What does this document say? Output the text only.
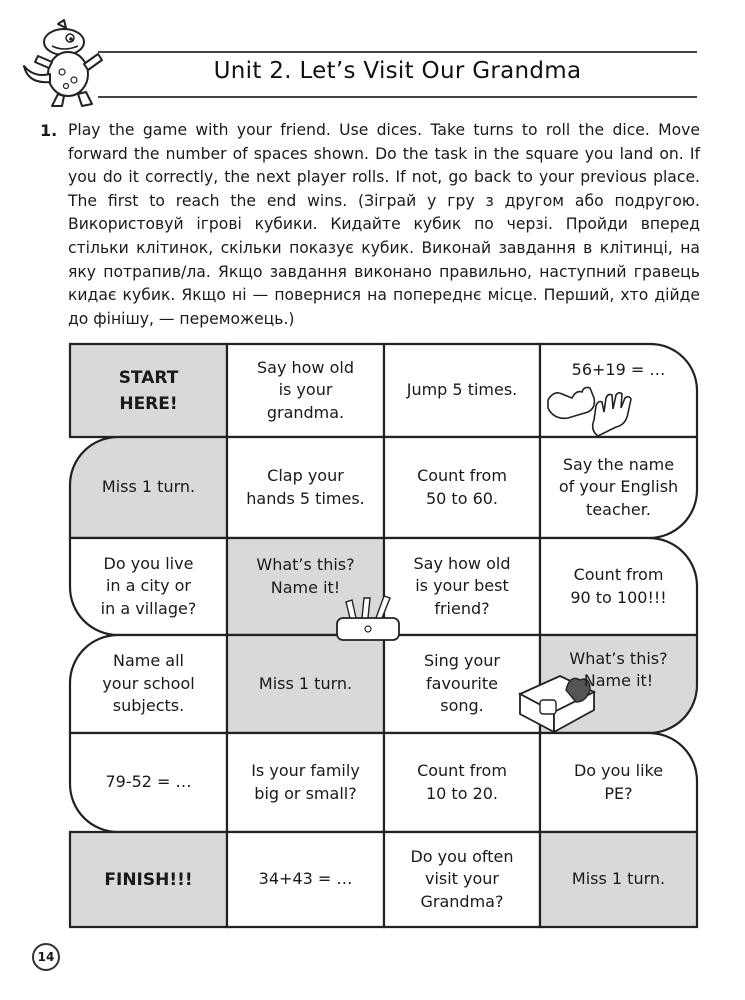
Unit 2. Let’s Visit Our Grandma
1. Play the game with your friend. Use dices. Take turns to roll the dice. Move forward the number of spaces shown. Do the task in the square you land on. If you do it correctly, the next player rolls. If not, go back to your previous place. The first to reach the end wins. (Зіграй у гру з другом або подругою. Використовуй ігрові кубики. Кидайте кубик по черзі. Пройди вперед стільки клітинок, скільки показує кубик. Виконай завдання в клітинці, на яку потрапив/ла. Якщо завдання виконано правильно, наступний гравець кидає кубик. Якщо ні — повернися на попереднє місце. Перший, хто дійде до фінішу, — переможець.)
START
HERE!
Say how old
is your
grandma.
Jump 5 times.
56+19 = …
Miss 1 turn.
Clap your
hands 5 times.
Count from
50 to 60.
Say the name
of your English
teacher.
Do you live
in a city or
in a village?
What’s this?
Name it!
Say how old
is your best
friend?
Count from
90 to 100!!!
Name all
your school
subjects.
Miss 1 turn.
Sing your
favourite
song.
What’s this?
Name it!
79-52 = …
Is your family
big or small?
Count from
10 to 20.
Do you like
PE?
FINISH!!!	34+43 = …
Do you often
visit your
Grandma?
Miss 1 turn.
14
